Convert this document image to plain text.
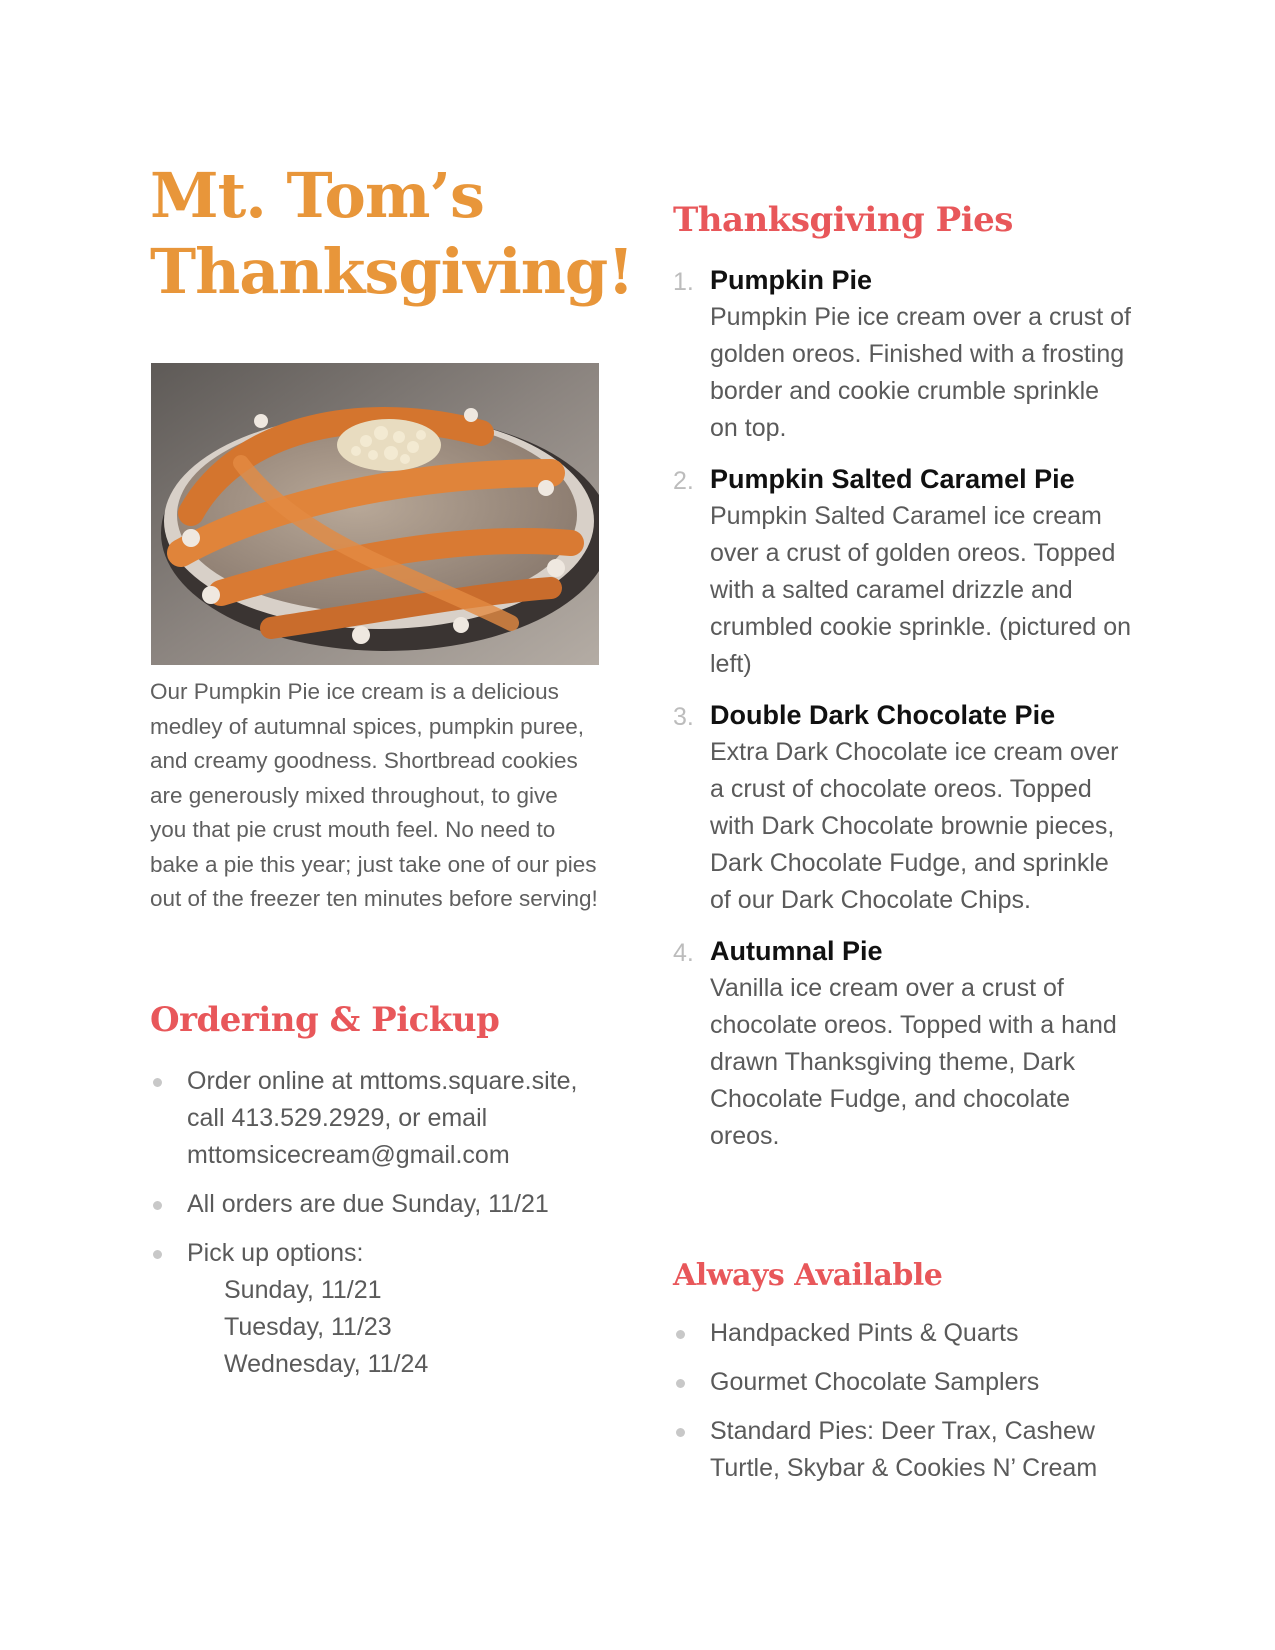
Mt. Tom’s
Thanksgiving!

Our Pumpkin Pie ice cream is a delicious medley of autumnal spices, pumpkin puree, and creamy goodness. Shortbread cookies are generously mixed throughout, to give you that pie crust mouth feel. No need to bake a pie this year; just take one of our pies out of the freezer ten minutes before serving!

Ordering & Pickup
Order online at mttoms.square.site, call 413.529.2929, or email mttomsicecream@gmail.com
All orders are due Sunday, 11/21
Pick up options:
Sunday, 11/21
Tuesday, 11/23
Wednesday, 11/24
Thanksgiving Pies
1. Pumpkin Pie
Pumpkin Pie ice cream over a crust of golden oreos. Finished with a frosting border and cookie crumble sprinkle on top.
2. Pumpkin Salted Caramel Pie
Pumpkin Salted Caramel ice cream over a crust of golden oreos. Topped with a salted caramel drizzle and crumbled cookie sprinkle. (pictured on left)
3. Double Dark Chocolate Pie
Extra Dark Chocolate ice cream over a crust of chocolate oreos. Topped with Dark Chocolate brownie pieces, Dark Chocolate Fudge, and sprinkle of our Dark Chocolate Chips.
4. Autumnal Pie
Vanilla ice cream over a crust of chocolate oreos. Topped with a hand drawn Thanksgiving theme, Dark Chocolate Fudge, and chocolate oreos.
Always Available
Handpacked Pints & Quarts
Gourmet Chocolate Samplers
Standard Pies: Deer Trax, Cashew Turtle, Skybar & Cookies N’ Cream
